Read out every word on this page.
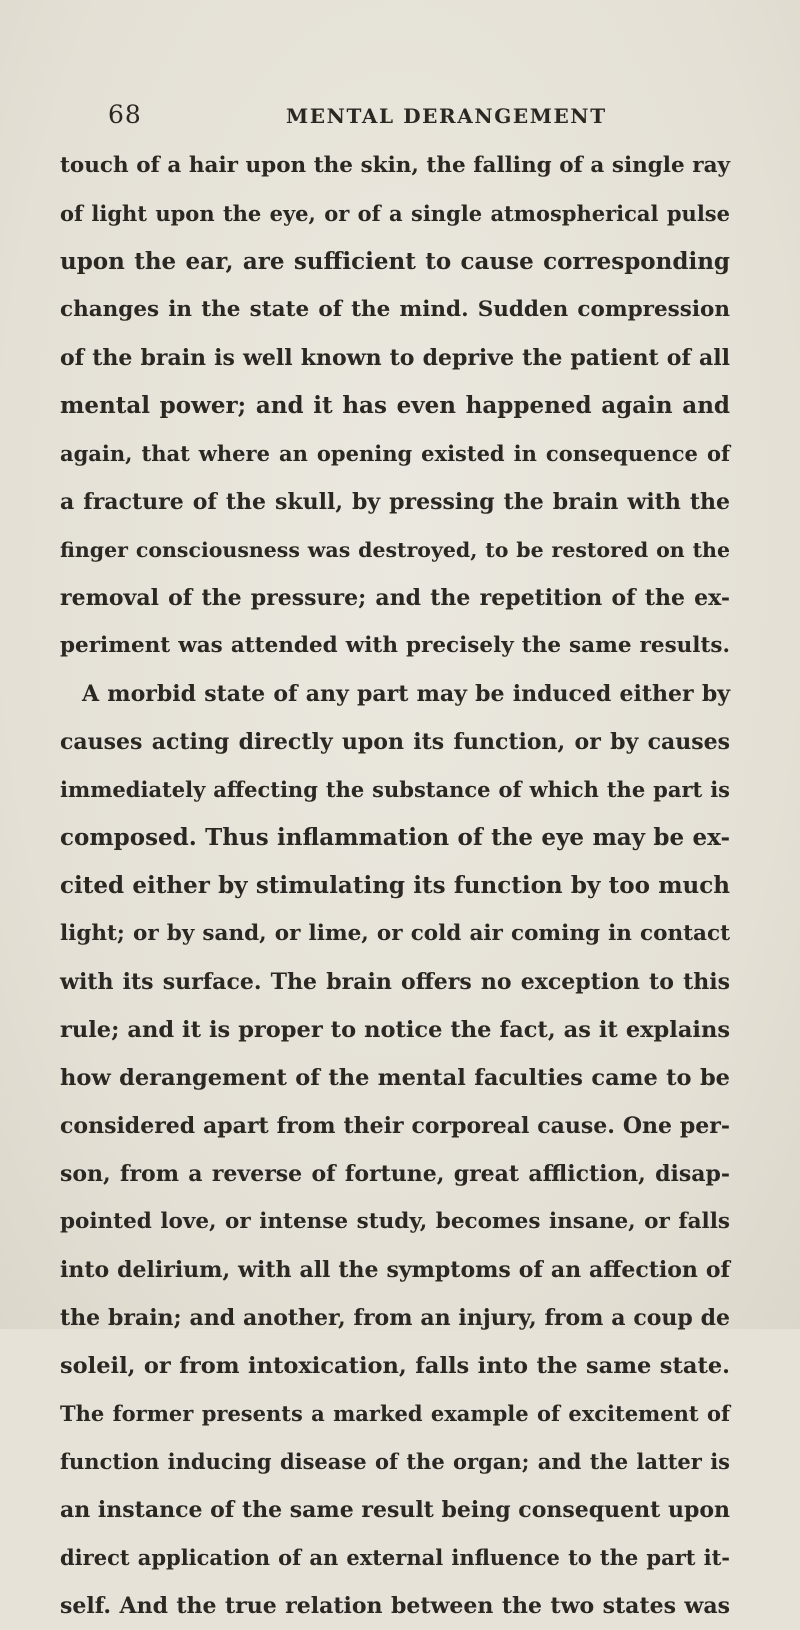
68	MENTAL DERANGEMENT
touch of a hair upon the skin, the falling of a single ray
of light upon the eye, or of a single atmospherical pulse
upon the ear, are sufficient to cause corresponding
changes in the state of the mind. Sudden compression
of the brain is well known to deprive the patient of all
mental power; and it has even happened again and
again, that where an opening existed in consequence of
a fracture of the skull, by pressing the brain with the
finger consciousness was destroyed, to be restored on the
removal of the pressure; and the repetition of the ex-
periment was attended with precisely the same results.
A morbid state of any part may be induced either by
causes acting directly upon its function, or by causes
immediately affecting the substance of which the part is
composed. Thus inflammation of the eye may be ex-
cited either by stimulating its function by too much
light; or by sand, or lime, or cold air coming in contact
with its surface. The brain offers no exception to this
rule; and it is proper to notice the fact, as it explains
how derangement of the mental faculties came to be
considered apart from their corporeal cause. One per-
son, from a reverse of fortune, great affliction, disap-
pointed love, or intense study, becomes insane, or falls
into delirium, with all the symptoms of an affection of
the brain; and another, from an injury, from a coup de
soleil, or from intoxication, falls into the same state.
The former presents a marked example of excitement of
function inducing disease of the organ; and the latter is
an instance of the same result being consequent upon
direct application of an external influence to the part it-
self. And the true relation between the two states was
